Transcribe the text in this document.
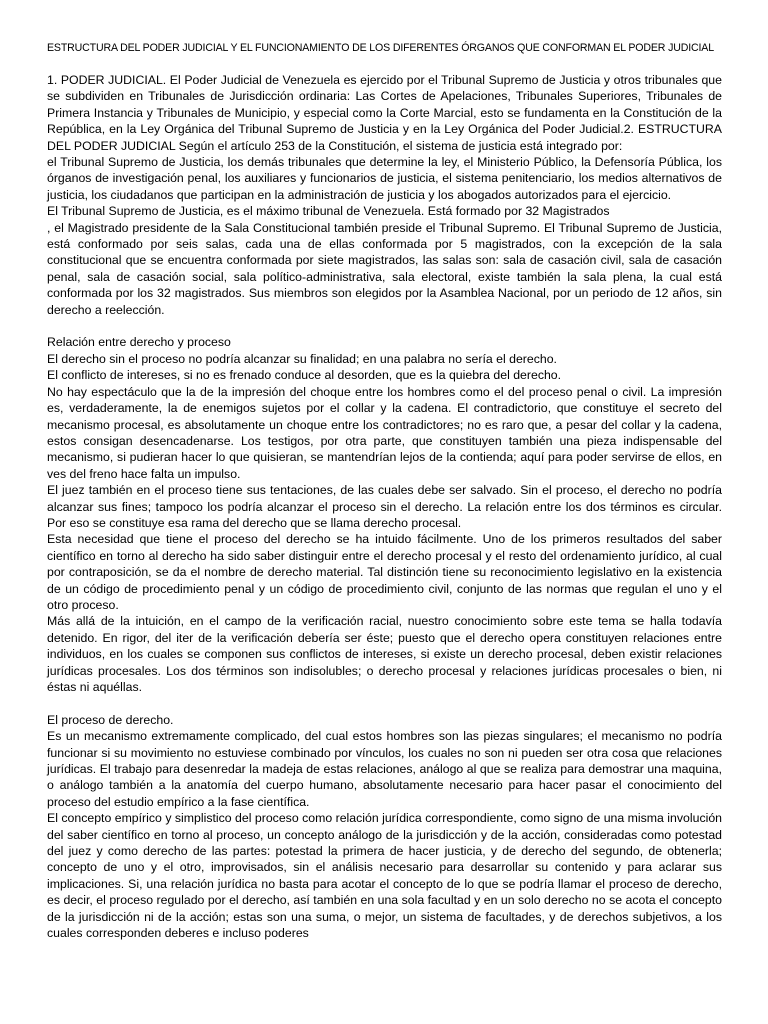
ESTRUCTURA DEL PODER JUDICIAL Y EL FUNCIONAMIENTO DE LOS DIFERENTES ÓRGANOS QUE CONFORMAN EL PODER JUDICIAL

1. PODER JUDICIAL. El Poder Judicial de Venezuela es ejercido por el Tribunal Supremo de Justicia y otros tribunales que se subdividen en Tribunales de Jurisdicción ordinaria: Las Cortes de Apelaciones, Tribunales Superiores, Tribunales de Primera Instancia y Tribunales de Municipio, y especial como la Corte Marcial, esto se fundamenta en la Constitución de la República, en la Ley Orgánica del Tribunal Supremo de Justicia y en la Ley Orgánica del Poder Judicial.2. ESTRUCTURA DEL PODER JUDICIAL Según el artículo 253 de la Constitución, el sistema de justicia está integrado por:

el Tribunal Supremo de Justicia, los demás tribunales que determine la ley, el Ministerio Público, la Defensoría Pública, los órganos de investigación penal, los auxiliares y funcionarios de justicia, el sistema penitenciario, los medios alternativos de justicia, los ciudadanos que participan en la administración de justicia y los abogados autorizados para el ejercicio.

El Tribunal Supremo de Justicia, es el máximo tribunal de Venezuela. Está formado por 32 Magistrados

, el Magistrado presidente de la Sala Constitucional también preside el Tribunal Supremo. El Tribunal Supremo de Justicia, está conformado por seis salas, cada una de ellas conformada por 5 magistrados, con la excepción de la sala constitucional que se encuentra conformada por siete magistrados, las salas son: sala de casación civil, sala de casación penal, sala de casación social, sala político-administrativa, sala electoral, existe también la sala plena, la cual está conformada por los 32 magistrados. Sus miembros son elegidos por la Asamblea Nacional, por un periodo de 12 años, sin derecho a reelección.

Relación entre derecho y proceso

El derecho sin el proceso no podría alcanzar su finalidad; en una palabra no sería el derecho.

El conflicto de intereses, si no es frenado conduce al desorden, que es la quiebra del derecho.

No hay espectáculo que la de la impresión del choque entre los hombres como el del proceso penal o civil. La impresión es, verdaderamente, la de enemigos sujetos por el collar y la cadena. El contradictorio, que constituye el secreto del mecanismo procesal, es absolutamente un choque entre los contradictores; no es raro que, a pesar del collar y la cadena, estos consigan desencadenarse. Los testigos, por otra parte, que constituyen también una pieza indispensable del mecanismo, si pudieran hacer lo que quisieran, se mantendrían lejos de la contienda; aquí para poder servirse de ellos, en ves del freno hace falta un impulso.

El juez también en el proceso tiene sus tentaciones, de las cuales debe ser salvado. Sin el proceso, el derecho no podría alcanzar sus fines; tampoco los podría alcanzar el proceso sin el derecho. La relación entre los dos términos es circular. Por eso se constituye esa rama del derecho que se llama derecho procesal.

Esta necesidad que tiene el proceso del derecho se ha intuido fácilmente. Uno de los primeros resultados del saber científico en torno al derecho ha sido saber distinguir entre el derecho procesal y el resto del ordenamiento jurídico, al cual por contraposición, se da el nombre de derecho material. Tal distinción tiene su reconocimiento legislativo en la existencia de un código de procedimiento penal y un código de procedimiento civil, conjunto de las normas que regulan el uno y el otro proceso.

Más allá de la intuición, en el campo de la verificación racial, nuestro conocimiento sobre este tema se halla todavía detenido. En rigor, del iter de la verificación debería ser éste; puesto que el derecho opera constituyen relaciones entre individuos, en los cuales se componen sus conflictos de intereses, si existe un derecho procesal, deben existir relaciones jurídicas procesales. Los dos términos son indisolubles; o derecho procesal y relaciones jurídicas procesales o bien, ni éstas ni aquéllas.

El proceso de derecho.

Es un mecanismo extremamente complicado, del cual estos hombres son las piezas singulares; el mecanismo no podría funcionar si su movimiento no estuviese combinado por vínculos, los cuales no son ni pueden ser otra cosa que relaciones jurídicas. El trabajo para desenredar la madeja de estas relaciones, análogo al que se realiza para demostrar una maquina, o análogo también a la anatomía del cuerpo humano, absolutamente necesario para hacer pasar el conocimiento del proceso del estudio empírico a la fase científica.

El concepto empírico y simplistico del proceso como relación jurídica correspondiente, como signo de una misma involución del saber científico en torno al proceso, un concepto análogo de la jurisdicción y de la acción, consideradas como potestad del juez y como derecho de las partes: potestad la primera de hacer justicia, y de derecho del segundo, de obtenerla; concepto de uno y el otro, improvisados, sin el análisis necesario para desarrollar su contenido y para aclarar sus implicaciones. Si, una relación jurídica no basta para acotar el concepto de lo que se podría llamar el proceso de derecho, es decir, el proceso regulado por el derecho, así también en una sola facultad y en un solo derecho no se acota el concepto de la jurisdicción ni de la acción; estas son una suma, o mejor, un sistema de facultades, y de derechos subjetivos, a los cuales corresponden deberes e incluso poderes
